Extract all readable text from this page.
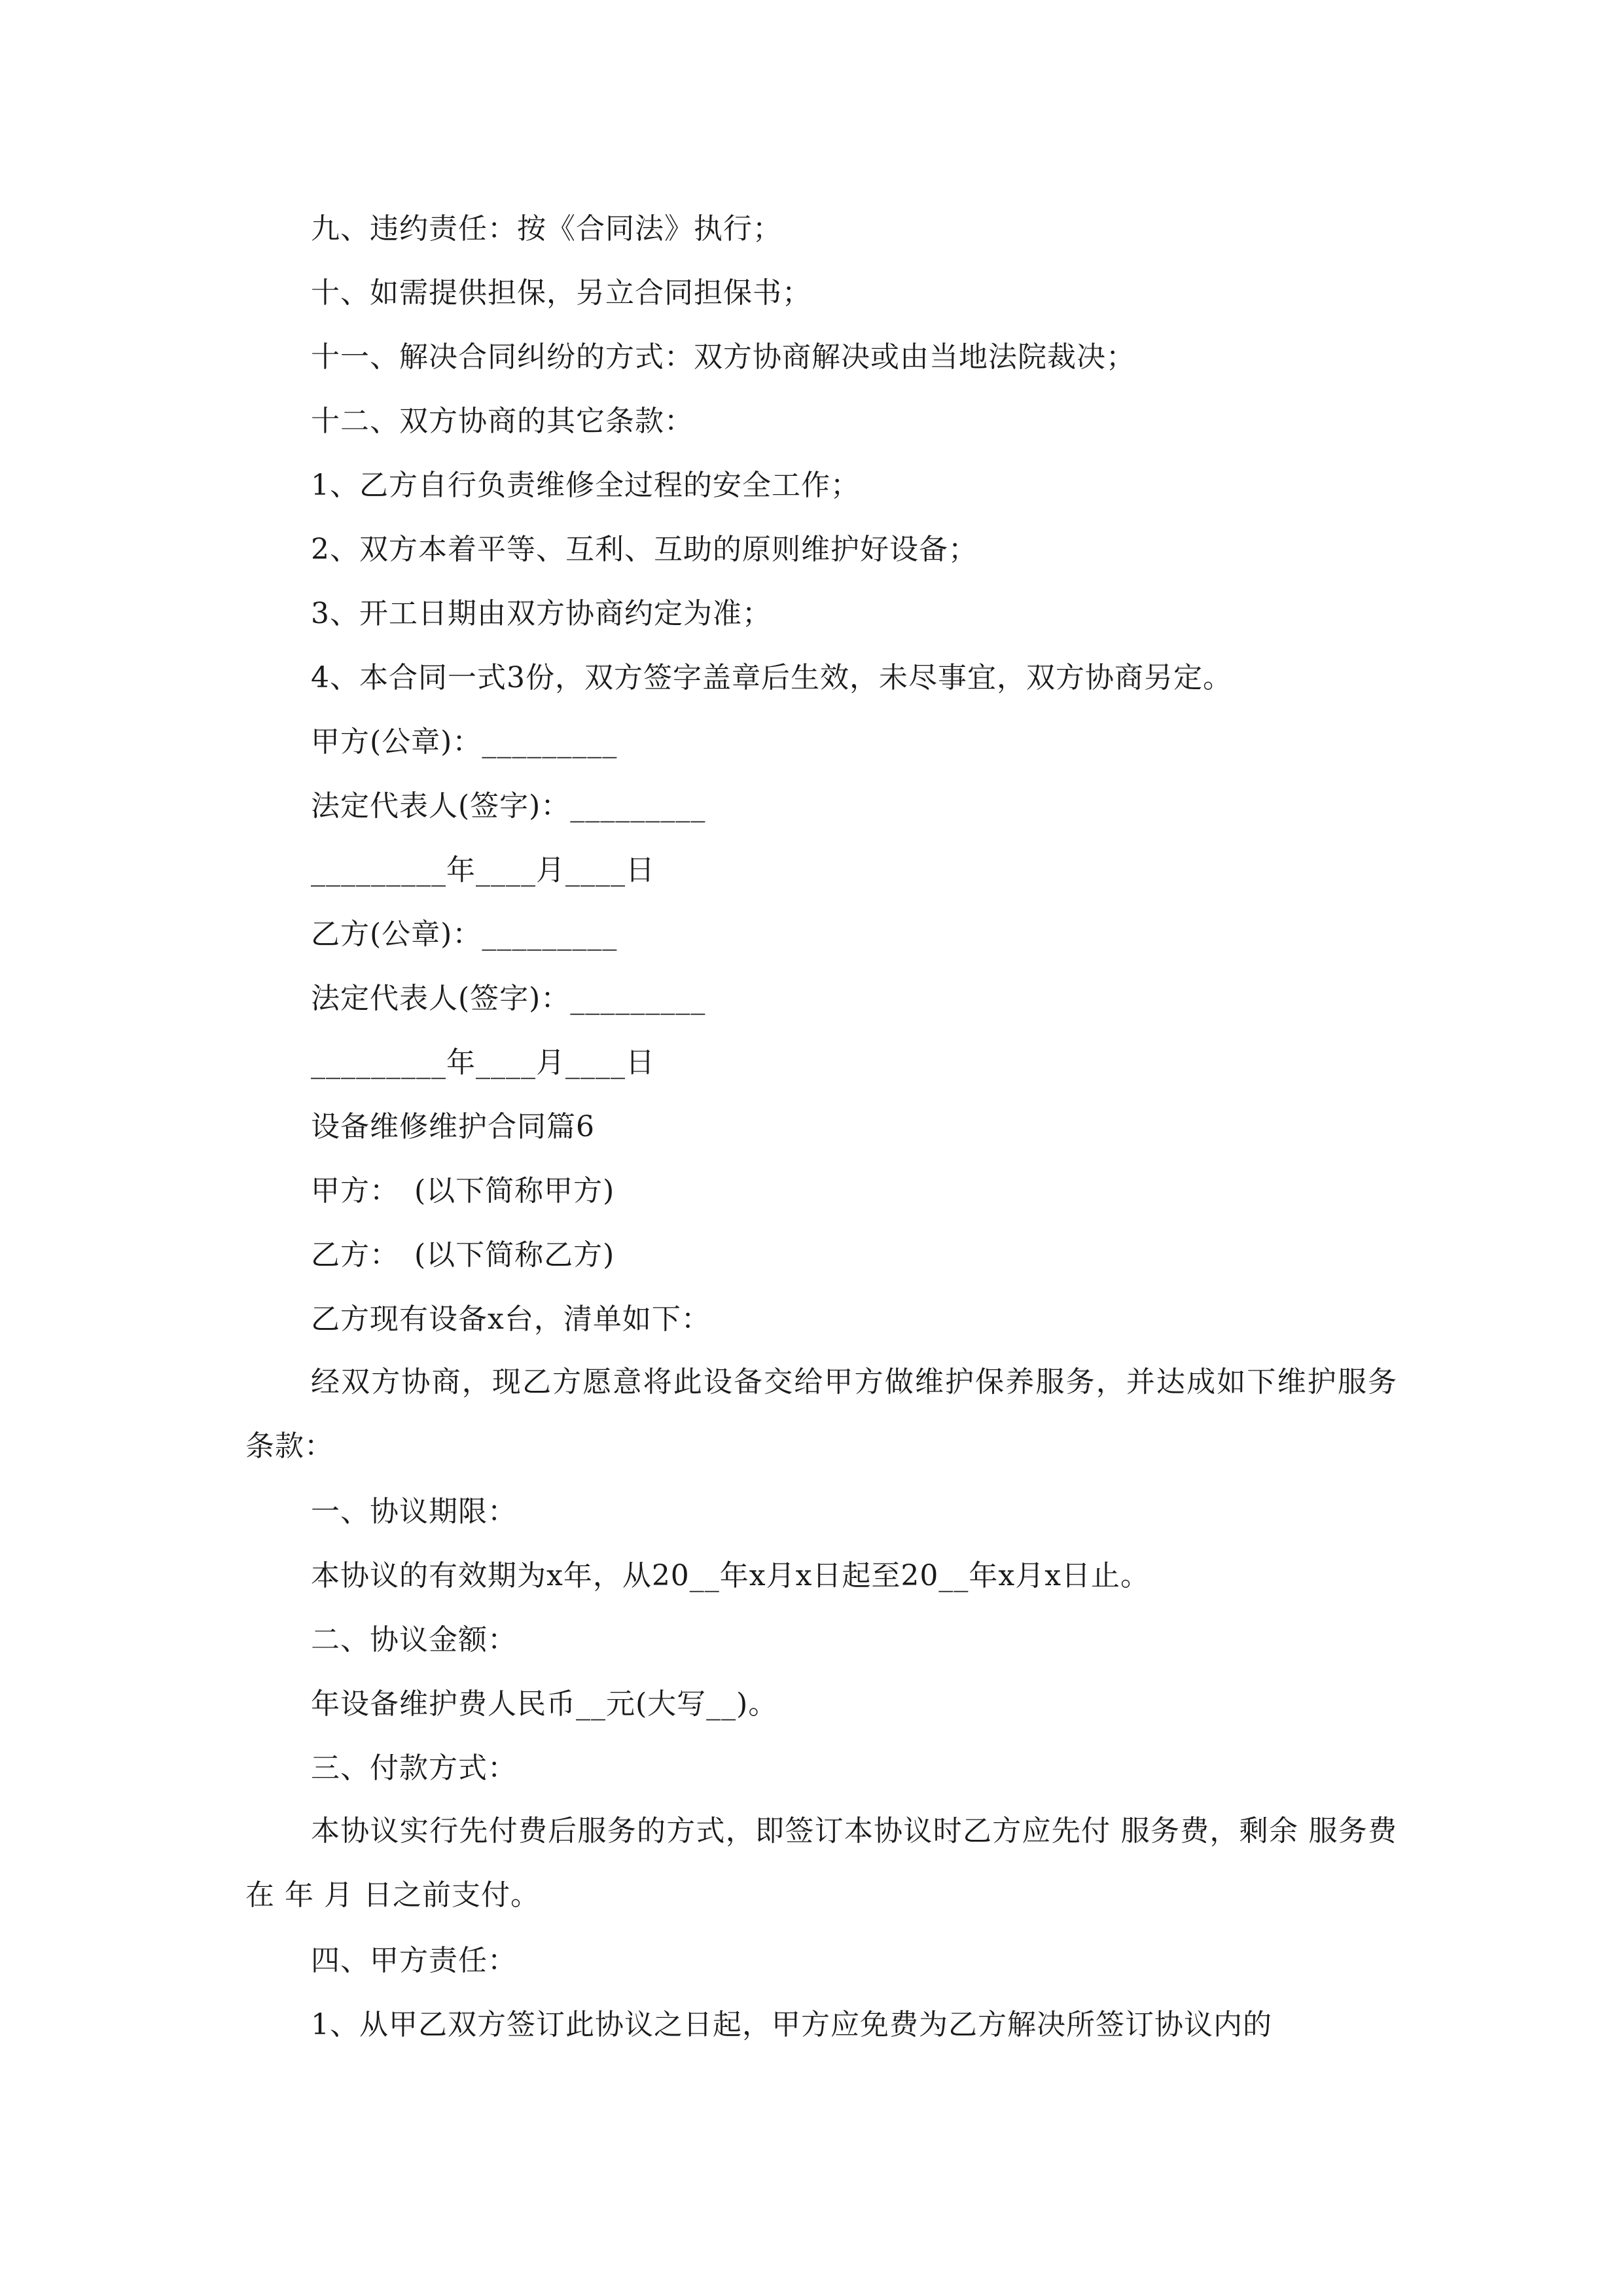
九、违约责任：按《合同法》执行；
十、如需提供担保，另立合同担保书；
十一、解决合同纠纷的方式：双方协商解决或由当地法院裁决；
十二、双方协商的其它条款：
1、乙方自行负责维修全过程的安全工作；
2、双方本着平等、互利、互助的原则维护好设备；
3、开工日期由双方协商约定为准；
4、本合同一式3份，双方签字盖章后生效，未尽事宜，双方协商另定。
甲方(公章)：_________
法定代表人(签字)：_________
_________年____月____日
乙方(公章)：_________
法定代表人(签字)：_________
_________年____月____日
设备维修维护合同篇6
甲方：　(以下简称甲方)
乙方：　(以下简称乙方)
乙方现有设备x台，清单如下：
经双方协商，现乙方愿意将此设备交给甲方做维护保养服务，并达成如下维护服务条款：
一、协议期限：
本协议的有效期为x年，从20__年x月x日起至20__年x月x日止。
二、协议金额：
年设备维护费人民币__元(大写__)。
三、付款方式：
本协议实行先付费后服务的方式，即签订本协议时乙方应先付 服务费，剩余 服务费在 年 月 日之前支付。
四、甲方责任：
1、从甲乙双方签订此协议之日起，甲方应免费为乙方解决所签订协议内的
